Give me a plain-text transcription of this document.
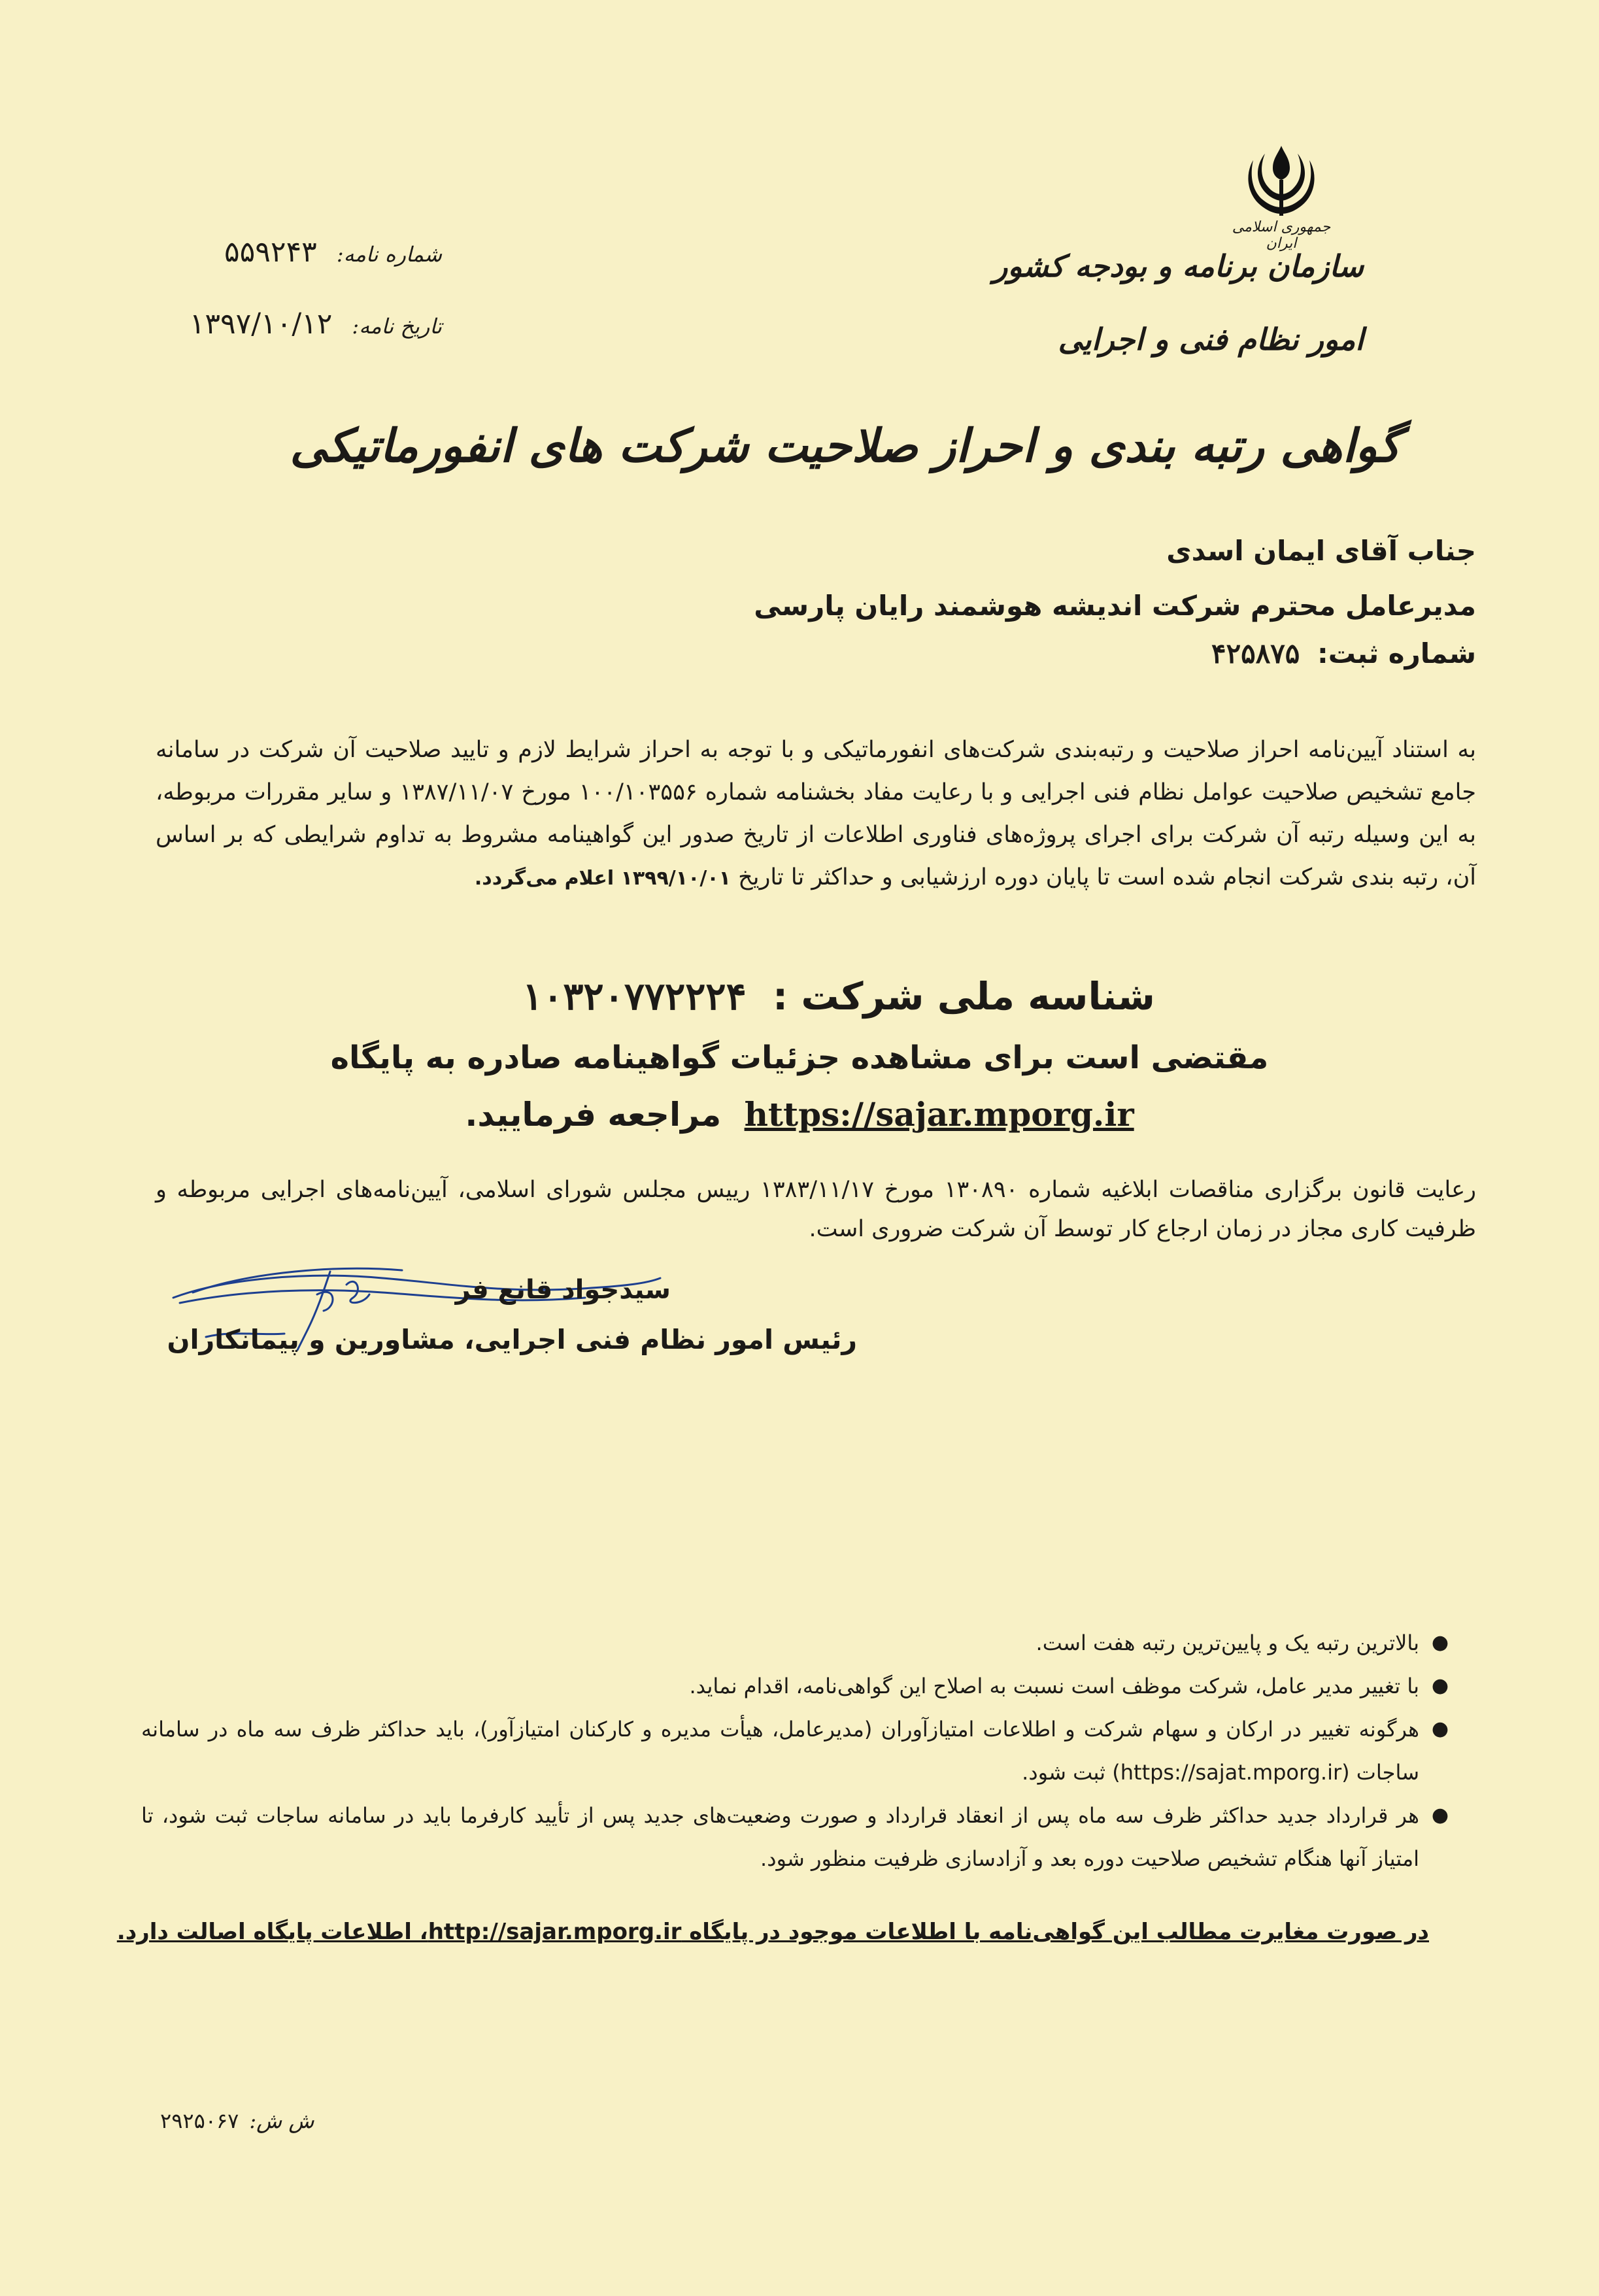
جمهوری اسلامی ایران
سازمان برنامه و بودجه کشور
امور نظام فنی و اجرایی
شماره نامه:
۵۵۹۲۴۳
تاریخ نامه:
۱۳۹۷/۱۰/۱۲
گواهی رتبه بندی و احراز صلاحیت شرکت های انفورماتیکی
جناب آقای ایمان اسدی
مدیرعامل محترم شرکت اندیشه هوشمند رایان پارسی
شماره ثبت: ۴۲۵۸۷۵
به استناد آیین‌نامه احراز صلاحیت و رتبه‌بندی شرکت‌های انفورماتیکی و با توجه به احراز شرایط لازم و تایید صلاحیت آن شرکت در سامانه جامع تشخیص صلاحیت عوامل نظام فنی اجرایی و با رعایت مفاد بخشنامه شماره ۱۰۰/۱۰۳۵۵۶ مورخ ۱۳۸۷/۱۱/۰۷ و سایر مقررات مربوطه، به این وسیله رتبه آن شرکت برای اجرای پروژه‌های فناوری اطلاعات از تاریخ صدور این گواهینامه مشروط به تداوم شرایطی که بر اساس آن، رتبه بندی شرکت انجام شده است تا پایان دوره ارزشیابی و حداکثر تا تاریخ ۱۳۹۹/۱۰/۰۱ اعلام می‌گردد.
شناسه ملی شرکت : ۱۰۳۲۰۷۷۲۲۲۴
مقتضی است برای مشاهده جزئیات گواهینامه صادره به پایگاه
https://sajar.mporg.ir مراجعه فرمایید.
رعایت قانون برگزاری مناقصات ابلاغیه شماره ۱۳۰۸۹۰ مورخ ۱۳۸۳/۱۱/۱۷ رییس مجلس شورای اسلامی، آیین‌نامه‌های اجرایی مربوطه و ظرفیت کاری مجاز در زمان ارجاع کار توسط آن شرکت ضروری است.
سیدجواد قانع فر
رئیس امور نظام فنی اجرایی، مشاورین و پیمانکاران
●
بالاترین رتبه یک و پایین‌ترین رتبه هفت است.
●
با تغییر مدیر عامل، شرکت موظف است نسبت به اصلاح این گواهی‌نامه، اقدام نماید.
●
هرگونه تغییر در ارکان و سهام شرکت و اطلاعات امتیازآوران (مدیرعامل، هیأت مدیره و کارکنان امتیازآور)، باید حداکثر ظرف سه ماه در سامانه ساجات (https://sajat.mporg.ir) ثبت شود.
●
هر قرارداد جدید حداکثر ظرف سه ماه پس از انعقاد قرارداد و صورت وضعیت‌های جدید پس از تأیید کارفرما باید در سامانه ساجات ثبت شود، تا امتیاز آنها هنگام تشخیص صلاحیت دوره بعد و آزادسازی ظرفیت منظور شود.
در صورت مغایرت مطالب این گواهی‌نامه با اطلاعات موجود در پایگاه http://sajar.mporg.ir، اطلاعات پایگاه اصالت دارد.
ش ش:
۲۹۲۵۰۶۷
